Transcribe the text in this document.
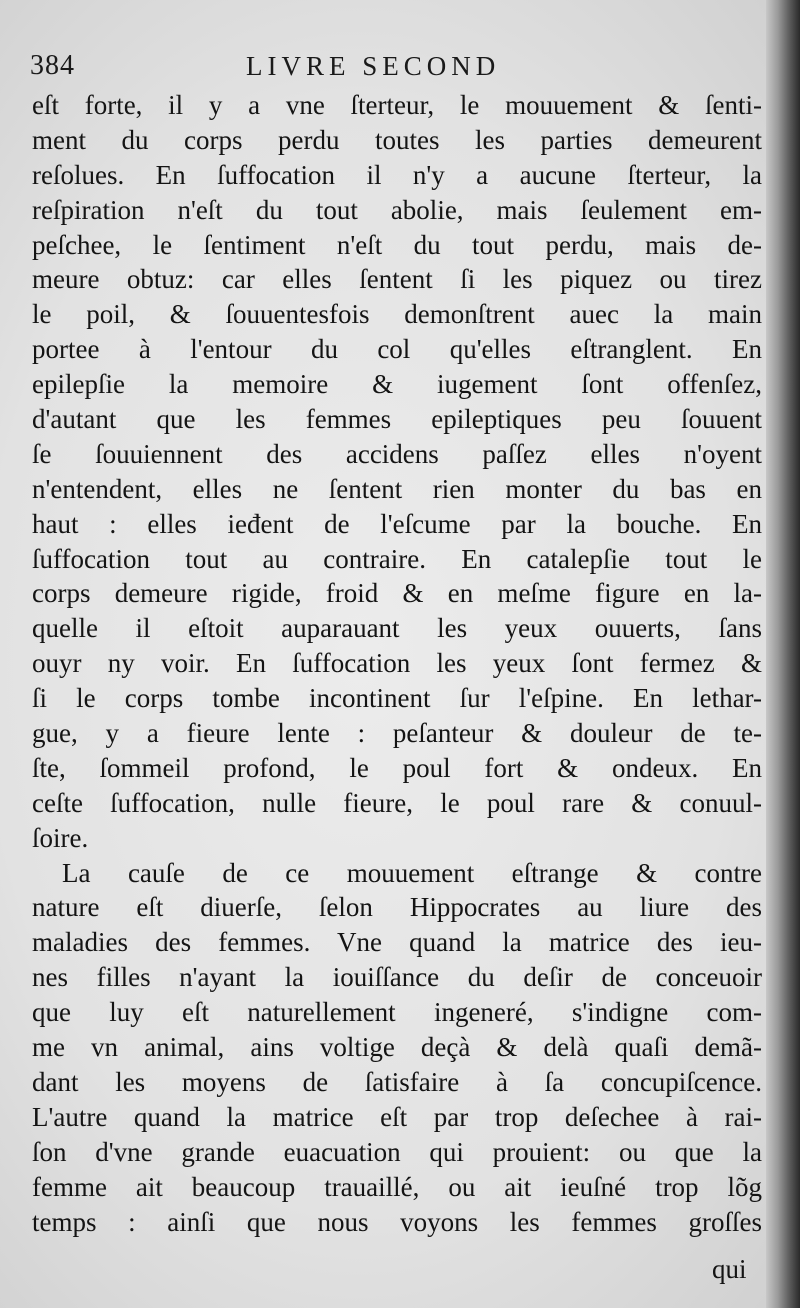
384	LIVRE SECOND
eſt forte, il y a vne ſterteur, le mouuement & ſenti-
ment du corps perdu toutes les parties demeurent
reſolues. En ſuffocation il n'y a aucune ſterteur, la
reſpiration n'eſt du tout abolie, mais ſeulement em-
peſchee, le ſentiment n'eſt du tout perdu, mais de-
meure obtuz: car elles ſentent ſi les piquez ou tirez
le poil, & ſouuentesfois demonſtrent auec la main
portee à l'entour du col qu'elles eſtranglent. En
epilepſie la memoire & iugement ſont offenſez,
d'autant que les femmes epileptiques peu ſouuent
ſe ſouuiennent des accidens paſſez elles n'oyent
n'entendent, elles ne ſentent rien monter du bas en
haut : elles ieđent de l'eſcume par la bouche. En
ſuffocation tout au contraire. En catalepſie tout le
corps demeure rigide, froid & en meſme figure en la-
quelle il eſtoit auparauant les yeux ouuerts, ſans
ouyr ny voir. En ſuffocation les yeux ſont fermez &
ſi le corps tombe incontinent ſur l'eſpine. En lethar-
gue, y a fieure lente : peſanteur & douleur de te-
ſte, ſommeil profond, le poul fort & ondeux. En
ceſte ſuffocation, nulle fieure, le poul rare & conuul-
ſoire.
La cauſe de ce mouuement eſtrange & contre
nature eſt diuerſe, ſelon Hippocrates au liure des
maladies des femmes. Vne quand la matrice des ieu-
nes filles n'ayant la iouiſſance du deſir de conceuoir
que luy eſt naturellement ingeneré, s'indigne com-
me vn animal, ains voltige deçà & delà quaſi demã-
dant les moyens de ſatisfaire à ſa concupiſcence.
L'autre quand la matrice eſt par trop deſechee à rai-
ſon d'vne grande euacuation qui prouient: ou que la
femme ait beaucoup trauaillé, ou ait ieuſné trop lõg
temps : ainſi que nous voyons les femmes groſſes
qui
